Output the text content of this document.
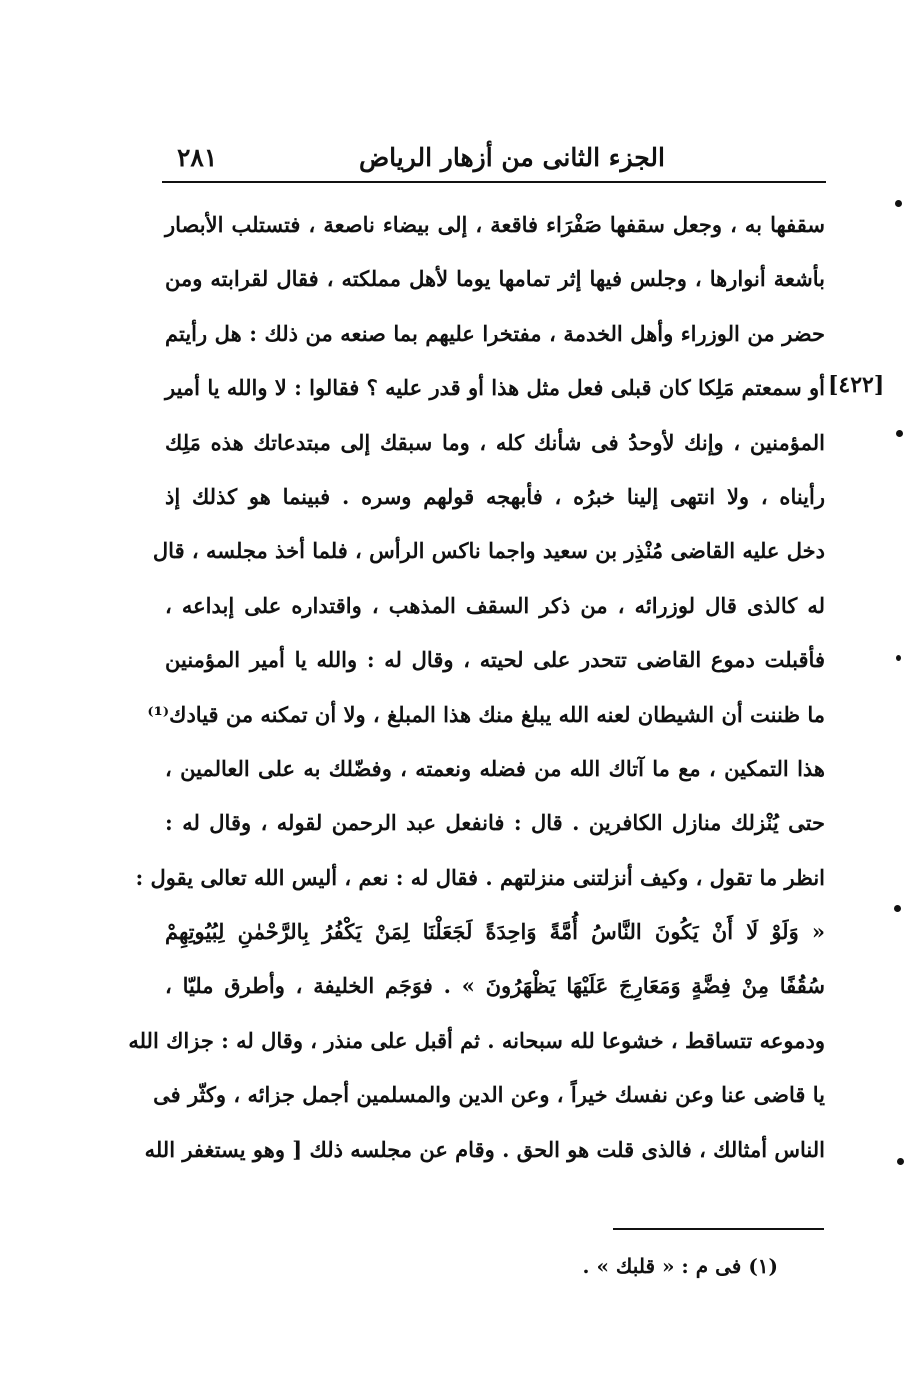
الجزء الثانى من أزهار الرياض
٢٨١
[٤٢٢]
سقفها به ، وجعل سقفها صَفْرَاء فاقعة ، إلى بيضاء ناصعة ، فتستلب الأبصار
بأشعة أنوارها ، وجلس فيها إثر تمامها يوما لأهل مملكته ، فقال لقرابته ومن
حضر من الوزراء وأهل الخدمة ، مفتخرا عليهم بما صنعه من ذلك : هل رأيتم
أو سمعتم مَلِكا كان قبلى فعل مثل هذا أو قدر عليه ؟ فقالوا : لا والله يا أمير
المؤمنين ، وإنك لأوحدُ فى شأنك كله ، وما سبقك إلى مبتدعاتك هذه مَلِك
رأيناه ، ولا انتهى إلينا خبرُه ، فأبهجه قولهم وسره . فبينما هو كذلك إذ
دخل عليه القاضى مُنْذِر بن سعيد واجما ناكس الرأس ، فلما أخذ مجلسه ، قال
له كالذى قال لوزرائه ، من ذكر السقف المذهب ، واقتداره على إبداعه ،
فأقبلت دموع القاضى تتحدر على لحيته ، وقال له : والله يا أمير المؤمنين
ما ظننت أن الشيطان لعنه الله يبلغ منك هذا المبلغ ، ولا أن تمكنه من قيادك⁽¹⁾
هذا التمكين ، مع ما آتاك الله من فضله ونعمته ، وفضّلك به على العالمين ،
حتى يُنْزلك منازل الكافرين . قال : فانفعل عبد الرحمن لقوله ، وقال له :
انظر ما تقول ، وكيف أنزلتنى منزلتهم . فقال له : نعم ، أليس الله تعالى يقول :
« وَلَوْ لَا أَنْ يَكُونَ النَّاسُ أُمَّةً وَاحِدَةً لَجَعَلْنَا لِمَنْ يَكْفُرُ بِالرَّحْمٰنِ لِبُيُوتِهِمْ
سُقُفًا مِنْ فِضَّةٍ وَمَعَارِجَ عَلَيْهَا يَظْهَرُونَ » . فوَجَم الخليفة ، وأطرق مليّا ،
ودموعه تتساقط ، خشوعا لله سبحانه . ثم أقبل على منذر ، وقال له : جزاك الله
يا قاضى عنا وعن نفسك خيراً ، وعن الدين والمسلمين أجمل جزائه ، وكثّر فى
الناس أمثالك ، فالذى قلت هو الحق . وقام عن مجلسه ذلك [ وهو يستغفر الله
(١) فى م : « قلبك » .
